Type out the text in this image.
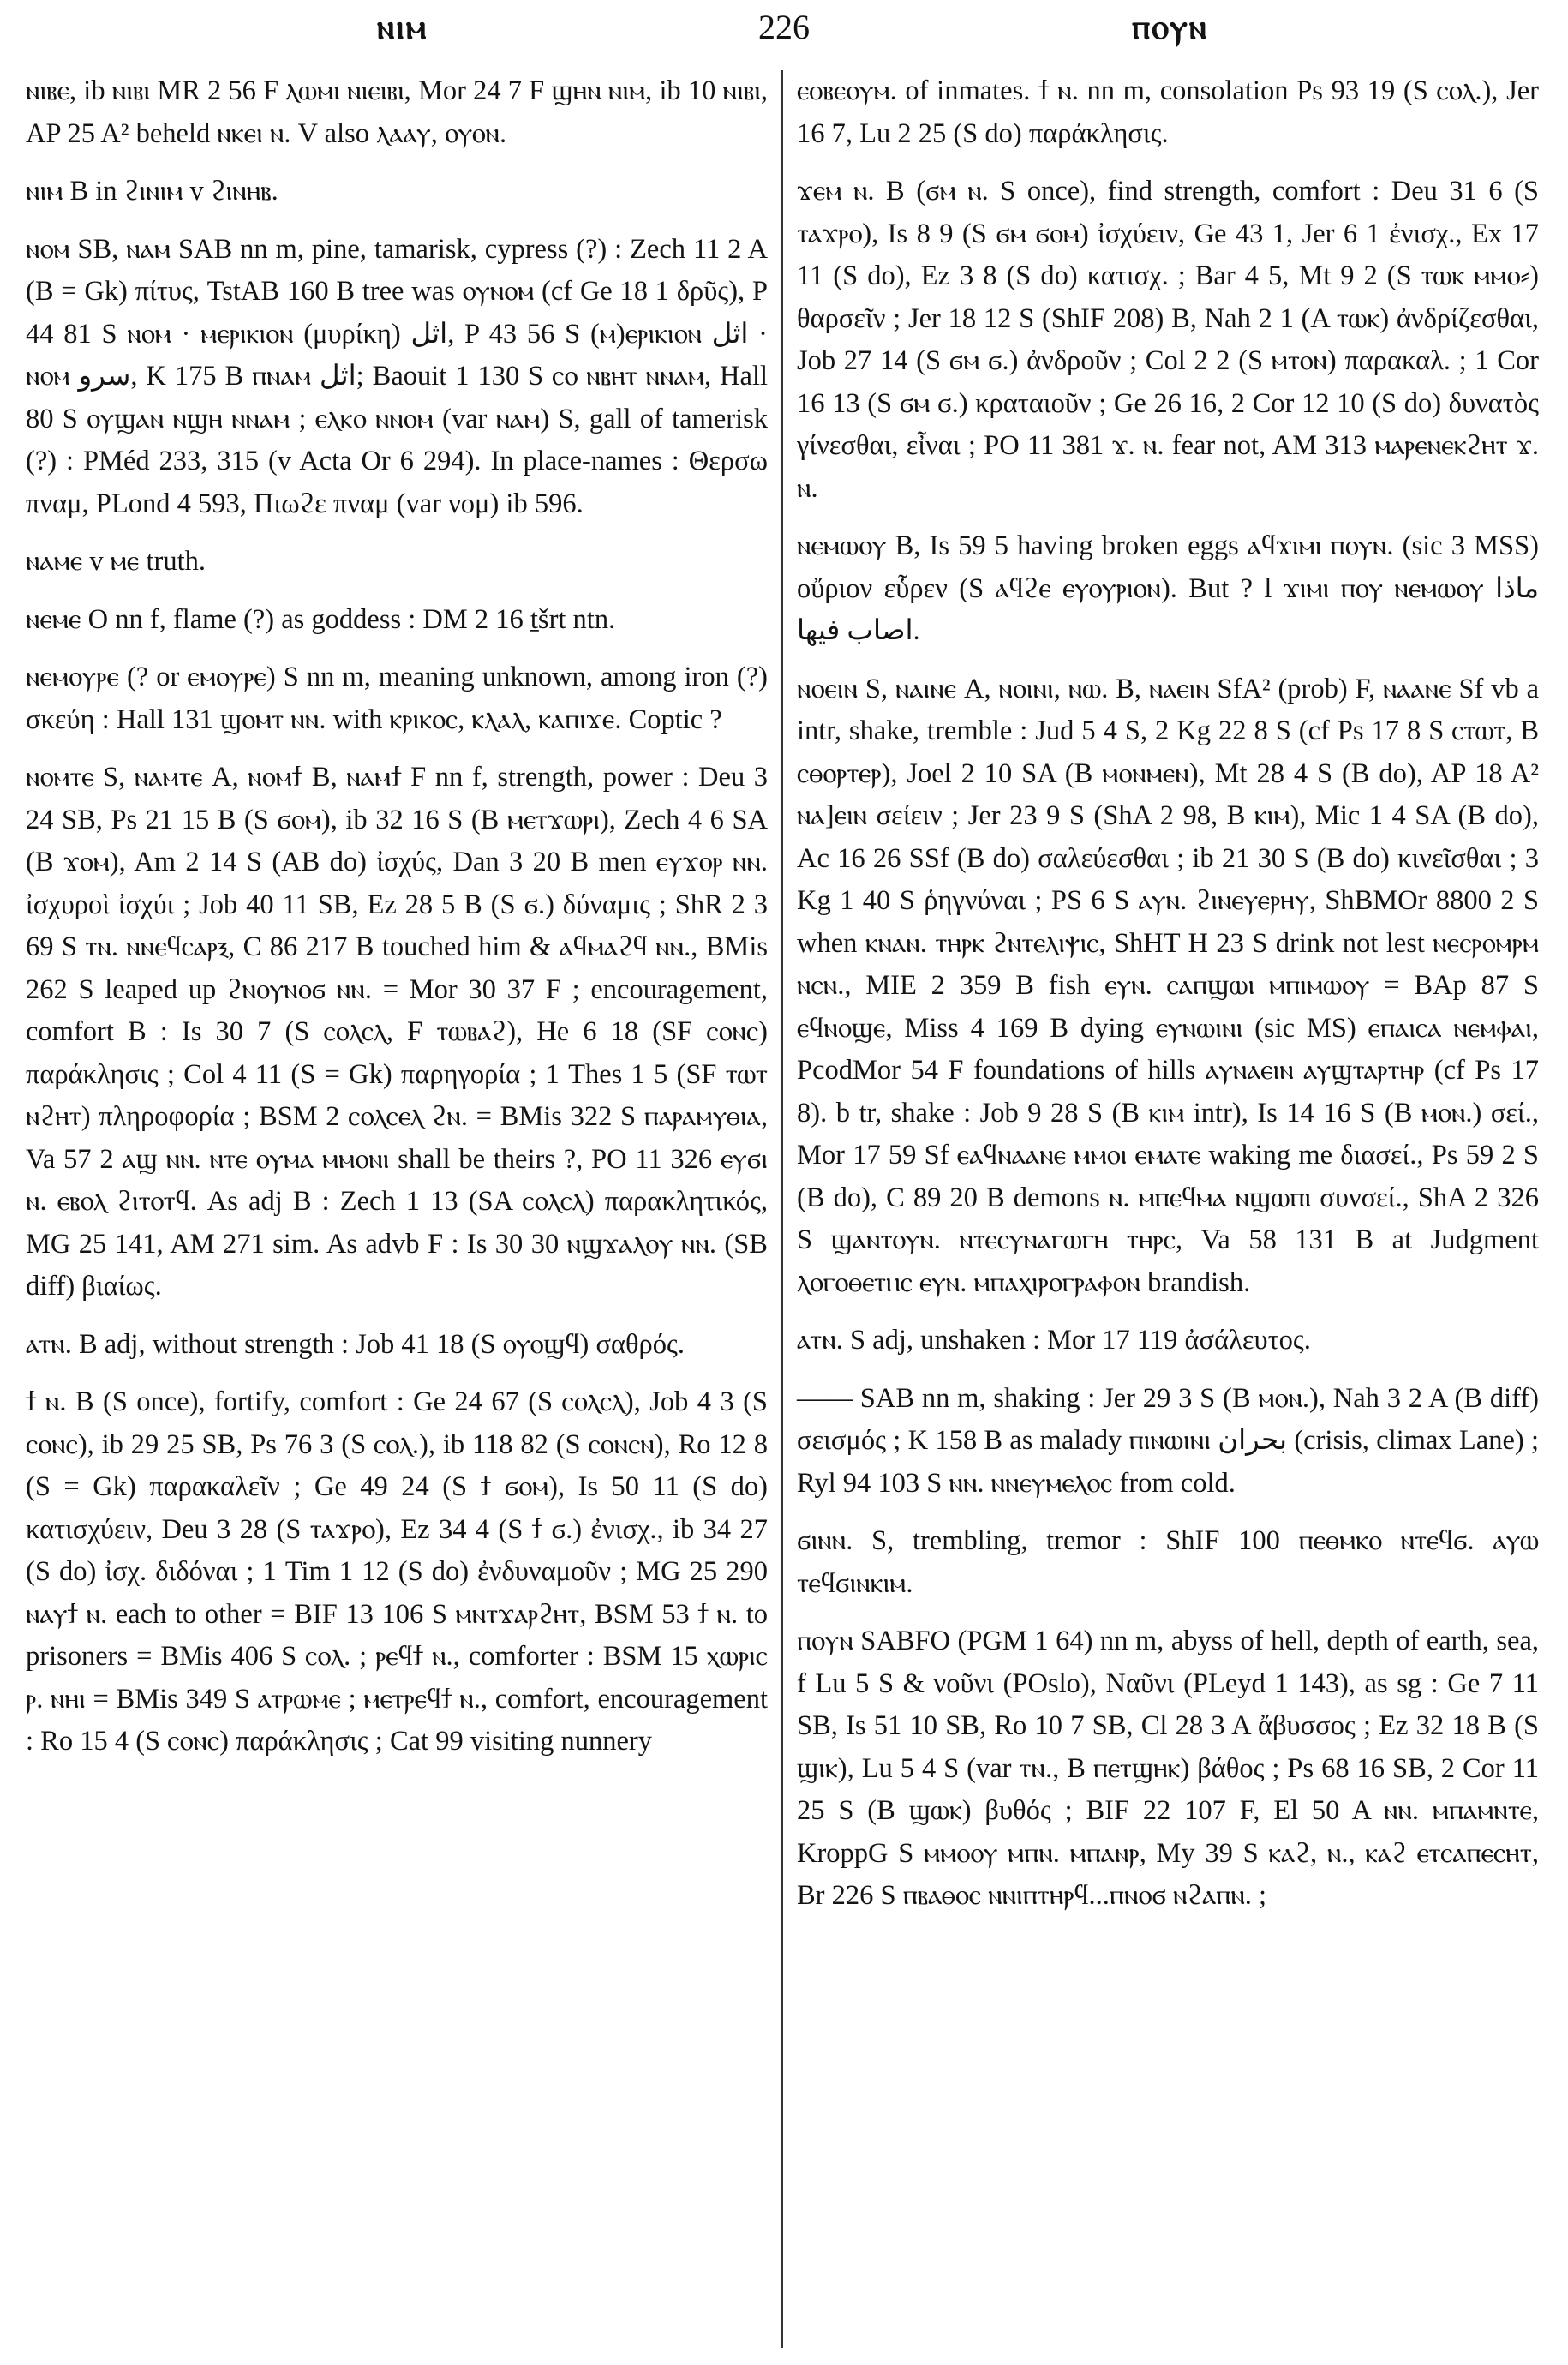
ⲛⲓⲙ	226	ⲡⲟⲩⲛ

ⲛⲓⲃⲉ, ib ⲛⲓⲃⲓ MR 2 56 F ⲗⲱⲙⲓ ⲛⲓⲉⲓⲃⲓ, Mor 24 7 F ϣⲏⲛ ⲛⲓⲙ, ib 10 ⲛⲓⲃⲓ, AP 25 A² beheld ⲛⲕⲉⲓ ⲛ. V also ⲗⲁⲁⲩ, ⲟⲩⲟⲛ.

ⲛⲓⲙ B in ϩⲓⲛⲓⲙ v ϩⲓⲛⲏⲃ.

ⲛⲟⲙ SB, ⲛⲁⲙ SAB nn m, pine, tamarisk, cypress (?) : Zech 11 2 A (B = Gk) πίτυς, TstAB 160 B tree was ⲟⲩⲛⲟⲙ (cf Ge 18 1 δρῦς), P 44 81 S ⲛⲟⲙ · ⲙⲉⲣⲓⲕⲓⲟⲛ (μυρίκη) اثل, P 43 56 S (ⲙ)ⲉⲣⲓⲕⲓⲟⲛ اثل · ⲛⲟⲙ سرو, K 175 B ⲡⲛⲁⲙ اثل; Baouit 1 130 S ⲥⲟ ⲛⲃⲏⲧ ⲛⲛⲁⲙ, Hall 80 S ⲟⲩϣⲁⲛ ⲛϣⲏ ⲛⲛⲁⲙ ; ⲉⲗⲕⲟ ⲛⲛⲟⲙ (var ⲛⲁⲙ) S, gall of tamerisk (?) : PMéd 233, 315 (v Acta Or 6 294). In place-names : Θερσω πναμ, PLond 4 593, Πιωϩε πναμ (var νομ) ib 596.

ⲛⲁⲙⲉ v ⲙⲉ truth.

ⲛⲉⲙⲉ O nn f, flame (?) as goddess : DM 2 16 ṯšrt ntn.

ⲛⲉⲙⲟⲩⲣⲉ (? or ⲉⲙⲟⲩⲣⲉ) S nn m, meaning unknown, among iron (?) σκεύη : Hall 131 ϣⲟⲙⲧ ⲛⲛ. with ⲕⲣⲓⲕⲟⲥ, ⲕⲗⲁⲗ, ⲕⲁⲡⲓϫⲉ. Coptic ?

ⲛⲟⲙⲧⲉ S, ⲛⲁⲙⲧⲉ A, ⲛⲟⲙϯ B, ⲛⲁⲙϯ F nn f, strength, power : Deu 3 24 SB, Ps 21 15 B (S ϭⲟⲙ), ib 32 16 S (B ⲙⲉⲧϫⲱⲣⲓ), Zech 4 6 SA (B ϫⲟⲙ), Am 2 14 S (AB do) ἰσχύς, Dan 3 20 B men ⲉⲩϫⲟⲣ ⲛⲛ. ἰσχυροὶ ἰσχύι ; Job 40 11 SB, Ez 28 5 B (S ϭ.) δύναμις ; ShR 2 3 69 S ⲧⲛ. ⲛⲛⲉϥⲥⲁⲣⲝ, C 86 217 B touched him & ⲁϥⲙⲁϩϥ ⲛⲛ., BMis 262 S leaped up ϩⲛⲟⲩⲛⲟϭ ⲛⲛ. = Mor 30 37 F ; encouragement, comfort B : Is 30 7 (S ⲥⲟⲗⲥⲗ, F ⲧⲱⲃⲁϩ), He 6 18 (SF ⲥⲟⲛⲥ) παράκλησις ; Col 4 11 (S = Gk) παρηγορία ; 1 Thes 1 5 (SF ⲧⲱⲧ ⲛϩⲏⲧ) πληροφορία ; BSM 2 ⲥⲟⲗⲥⲉⲗ ϩⲛ. = BMis 322 S ⲡⲁⲣⲁⲙⲩⲑⲓⲁ, Va 57 2 ⲁϣ ⲛⲛ. ⲛⲧⲉ ⲟⲩⲙⲁ ⲙⲙⲟⲛⲓ shall be theirs ?, PO 11 326 ⲉⲩϭⲓ ⲛ. ⲉⲃⲟⲗ ϩⲓⲧⲟⲧϥ. As adj B : Zech 1 13 (SA ⲥⲟⲗⲥⲗ) παρακλητικός, MG 25 141, AM 271 sim. As advb F : Is 30 30 ⲛϣϫⲁⲗⲟⲩ ⲛⲛ. (SB diff) βιαίως.

ⲁⲧⲛ. B adj, without strength : Job 41 18 (S ⲟⲩⲟϣϥ) σαθρός.

ϯ ⲛ. B (S once), fortify, comfort : Ge 24 67 (S ⲥⲟⲗⲥⲗ), Job 4 3 (S ⲥⲟⲛⲥ), ib 29 25 SB, Ps 76 3 (S ⲥⲟⲗ.), ib 118 82 (S ⲥⲟⲛⲥⲛ), Ro 12 8 (S = Gk) παρακαλεῖν ; Ge 49 24 (S ϯ ϭⲟⲙ), Is 50 11 (S do) κατισχύειν, Deu 3 28 (S ⲧⲁϫⲣⲟ), Ez 34 4 (S ϯ ϭ.) ἐνισχ., ib 34 27 (S do) ἰσχ. διδόναι ; 1 Tim 1 12 (S do) ἐνδυναμοῦν ; MG 25 290 ⲛⲁⲩϯ ⲛ. each to other = BIF 13 106 S ⲙⲛⲧϫⲁⲣϩⲏⲧ, BSM 53 ϯ ⲛ. to prisoners = BMis 406 S ⲥⲟⲗ. ; ⲣⲉϥϯ ⲛ., comforter : BSM 15 ⲭⲱⲣⲓⲥ ⲣ. ⲛⲏⲓ = BMis 349 S ⲁⲧⲣⲱⲙⲉ ; ⲙⲉⲧⲣⲉϥϯ ⲛ., comfort, encouragement : Ro 15 4 (S ⲥⲟⲛⲥ) παράκλησις ; Cat 99 visiting nunnery

ⲉⲑⲃⲉⲟⲩⲙ. of inmates. ϯ ⲛ. nn m, consolation Ps 93 19 (S ⲥⲟⲗ.), Jer 16 7, Lu 2 25 (S do) παράκλησις.

ϫⲉⲙ ⲛ. B (ϭⲙ ⲛ. S once), find strength, comfort : Deu 31 6 (S ⲧⲁϫⲣⲟ), Is 8 9 (S ϭⲙ ϭⲟⲙ) ἰσχύειν, Ge 43 1, Jer 6 1 ἐνισχ., Ex 17 11 (S do), Ez 3 8 (S do) κατισχ. ; Bar 4 5, Mt 9 2 (S ⲧⲱⲕ ⲙⲙⲟ⸗) θαρσεῖν ; Jer 18 12 S (ShIF 208) B, Nah 2 1 (A ⲧⲱⲕ) ἀνδρίζεσθαι, Job 27 14 (S ϭⲙ ϭ.) ἀνδροῦν ; Col 2 2 (S ⲙⲧⲟⲛ) παρακαλ. ; 1 Cor 16 13 (S ϭⲙ ϭ.) κραταιοῦν ; Ge 26 16, 2 Cor 12 10 (S do) δυνατὸς γίνεσθαι, εἶναι ; PO 11 381 ϫ. ⲛ. fear not, AM 313 ⲙⲁⲣⲉⲛⲉⲕϩⲏⲧ ϫ. ⲛ.

ⲛⲉⲙⲱⲟⲩ B, Is 59 5 having broken eggs ⲁϥϫⲓⲙⲓ ⲡⲟⲩⲛ. (sic 3 MSS) οὔριον εὗρεν (S ⲁϥϩⲉ ⲉⲩⲟⲩⲣⲓⲟⲛ). But ? l ϫⲓⲙⲓ ⲡⲟⲩ ⲛⲉⲙⲱⲟⲩ ماذا اصاب فيها.

ⲛⲟⲉⲓⲛ S, ⲛⲁⲓⲛⲉ A, ⲛⲟⲓⲛⲓ, ⲛⲱ. B, ⲛⲁⲉⲓⲛ SfA² (prob) F, ⲛⲁⲁⲛⲉ Sf vb a intr, shake, tremble : Jud 5 4 S, 2 Kg 22 8 S (cf Ps 17 8 S ⲥⲧⲱⲧ, B ⲥⲑⲟⲣⲧⲉⲣ), Joel 2 10 SA (B ⲙⲟⲛⲙⲉⲛ), Mt 28 4 S (B do), AP 18 A² ⲛⲁ]ⲉⲓⲛ σείειν ; Jer 23 9 S (ShA 2 98, B ⲕⲓⲙ), Mic 1 4 SA (B do), Ac 16 26 SSf (B do) σαλεύεσθαι ; ib 21 30 S (B do) κινεῖσθαι ; 3 Kg 1 40 S ῥηγνύναι ; PS 6 S ⲁⲩⲛ. ϩⲓⲛⲉⲩⲉⲣⲏⲩ, ShBMOr 8800 2 S when ⲕⲛⲁⲛ. ⲧⲏⲣⲕ ϩⲛⲧⲉⲗⲓⲯⲓⲥ, ShHT H 23 S drink not lest ⲛⲉⲥⲣⲟⲙⲣⲙ ⲛⲥⲛ., MIE 2 359 B fish ⲉⲩⲛ. ⲥⲁⲡϣⲱⲓ ⲙⲡⲓⲙⲱⲟⲩ = BAp 87 S ⲉϥⲛⲟϣⲉ, Miss 4 169 B dying ⲉⲩⲛⲱⲓⲛⲓ (sic MS) ⲉⲡⲁⲓⲥⲁ ⲛⲉⲙⲫⲁⲓ, PcodMor 54 F foundations of hills ⲁⲩⲛⲁⲉⲓⲛ ⲁⲩϣⲧⲁⲣⲧⲏⲣ (cf Ps 17 8). b tr, shake : Job 9 28 S (B ⲕⲓⲙ intr), Is 14 16 S (B ⲙⲟⲛ.) σεί., Mor 17 59 Sf ⲉⲁϥⲛⲁⲁⲛⲉ ⲙⲙⲟⲓ ⲉⲙⲁⲧⲉ waking me διασεί., Ps 59 2 S (B do), C 89 20 B demons ⲛ. ⲙⲡⲉϥⲙⲁ ⲛϣⲱⲡⲓ συνσεί., ShA 2 326 S ϣⲁⲛⲧⲟⲩⲛ. ⲛⲧⲉⲥⲩⲛⲁⲅⲱⲅⲏ ⲧⲏⲣⲥ, Va 58 131 B at Judgment ⲗⲟⲅⲟⲑⲉⲧⲏⲥ ⲉⲩⲛ. ⲙⲡⲁⲭⲓⲣⲟⲅⲣⲁⲫⲟⲛ brandish.

ⲁⲧⲛ. S adj, unshaken : Mor 17 119 ἀσάλευτος.

—— SAB nn m, shaking : Jer 29 3 S (B ⲙⲟⲛ.), Nah 3 2 A (B diff) σεισμός ; K 158 B as malady ⲡⲓⲛⲱⲓⲛⲓ بحران (crisis, climax Lane) ; Ryl 94 103 S ⲛⲛ. ⲛⲛⲉⲩⲙⲉⲗⲟⲥ from cold.

ϭⲓⲛⲛ. S, trembling, tremor : ShIF 100 ⲡⲉⲑⲙⲕⲟ ⲛⲧⲉϥϭ. ⲁⲩⲱ ⲧⲉϥϭⲓⲛⲕⲓⲙ.

ⲡⲟⲩⲛ SABFO (PGM 1 64) nn m, abyss of hell, depth of earth, sea, f Lu 5 S & νοῦνι (POslo), Ναῦνι (PLeyd 1 143), as sg : Ge 7 11 SB, Is 51 10 SB, Ro 10 7 SB, Cl 28 3 A ἄβυσσος ; Ez 32 18 B (S ϣⲓⲕ), Lu 5 4 S (var ⲧⲛ., B ⲡⲉⲧϣⲏⲕ) βάθος ; Ps 68 16 SB, 2 Cor 11 25 S (B ϣⲱⲕ) βυθός ; BIF 22 107 F, El 50 A ⲛⲛ. ⲙⲡⲁⲙⲛⲧⲉ, KroppG S ⲙⲙⲟⲟⲩ ⲙⲡⲛ. ⲙⲡⲁⲛⲣ, My 39 S ⲕⲁϩ, ⲛ., ⲕⲁϩ ⲉⲧⲥⲁⲡⲉⲥⲏⲧ, Br 226 S ⲡⲃⲁⲑⲟⲥ ⲛⲛⲓⲡⲧⲏⲣϥ...ⲡⲛⲟϭ ⲛϩⲁⲡⲛ. ;
